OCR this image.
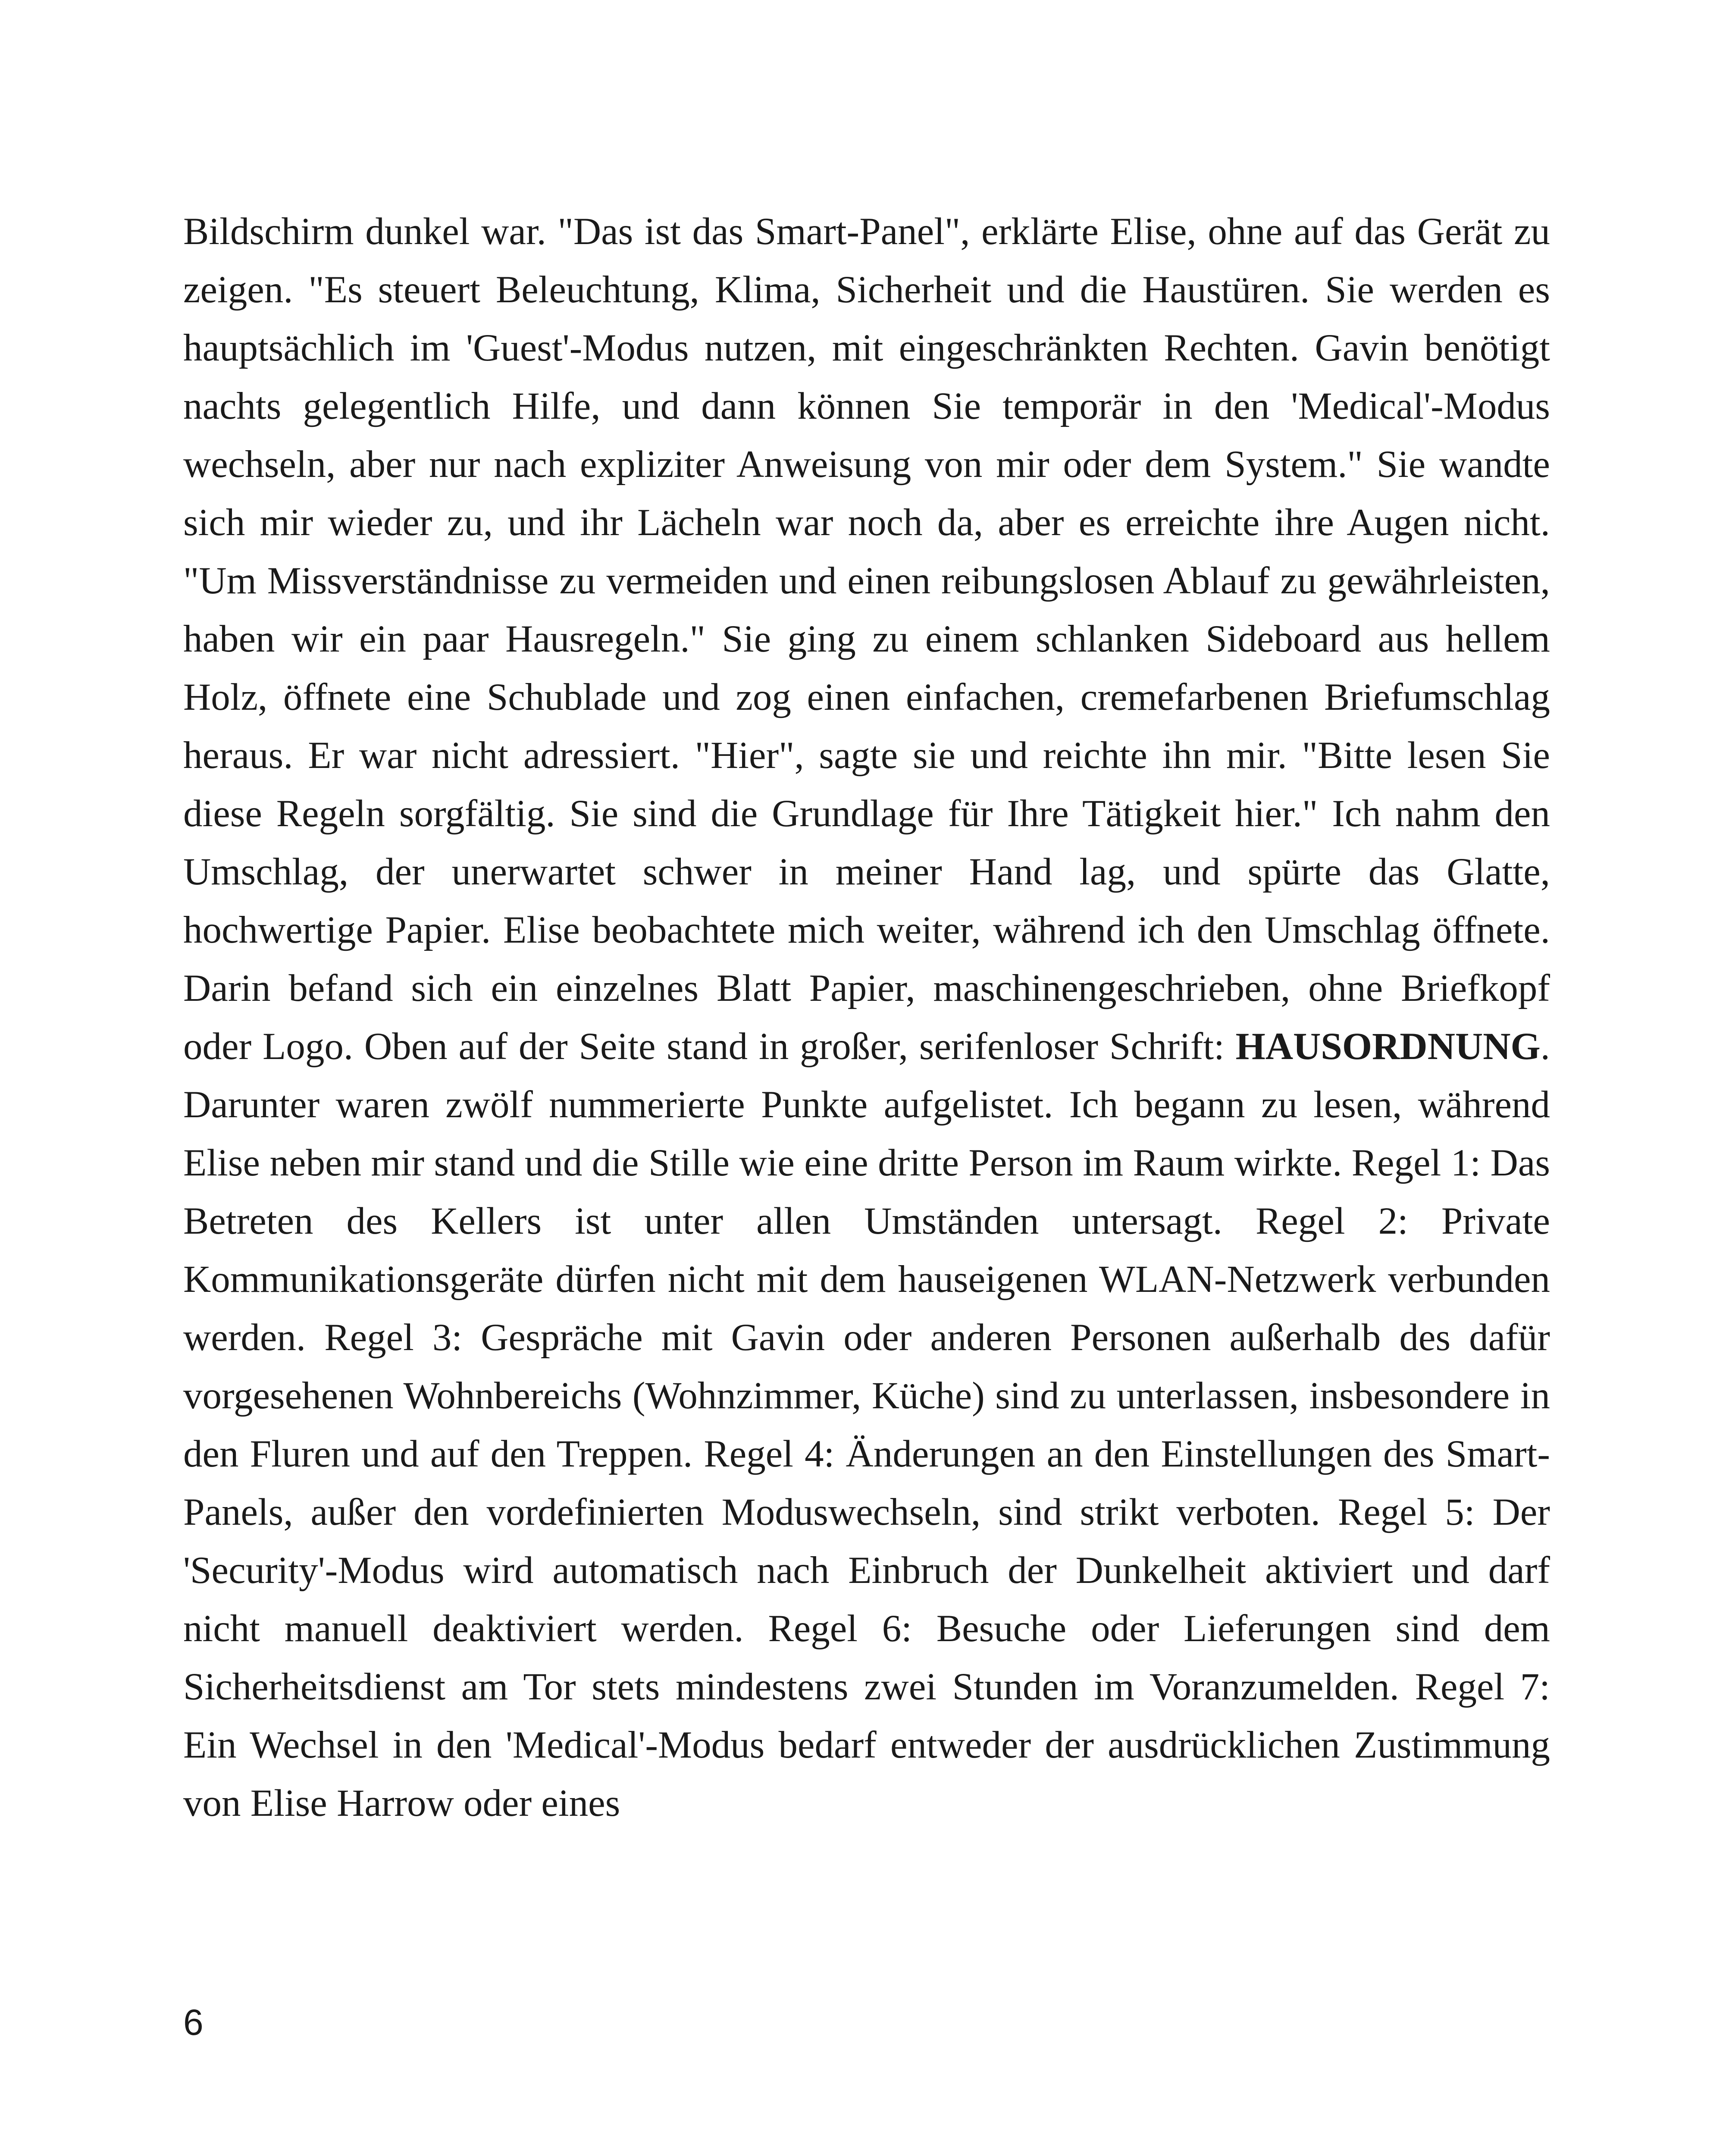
Bildschirm dunkel war. "Das ist das Smart-Panel", erklärte Elise, ohne auf das Gerät zu zeigen. "Es steuert Beleuchtung, Klima, Sicherheit und die Haustüren. Sie werden es hauptsächlich im 'Guest'-Modus nutzen, mit eingeschränkten Rechten. Gavin benötigt nachts gelegentlich Hilfe, und dann können Sie temporär in den 'Medical'-Modus wechseln, aber nur nach expliziter Anweisung von mir oder dem System." Sie wandte sich mir wieder zu, und ihr Lächeln war noch da, aber es erreichte ihre Augen nicht. "Um Missverständnisse zu vermeiden und einen reibungslosen Ablauf zu gewährleisten, haben wir ein paar Hausregeln." Sie ging zu einem schlanken Sideboard aus hellem Holz, öffnete eine Schublade und zog einen einfachen, cremefarbenen Briefumschlag heraus. Er war nicht adressiert. "Hier", sagte sie und reichte ihn mir. "Bitte lesen Sie diese Regeln sorgfältig. Sie sind die Grundlage für Ihre Tätigkeit hier." Ich nahm den Umschlag, der unerwartet schwer in meiner Hand lag, und spürte das Glatte, hochwertige Papier. Elise beobachtete mich weiter, während ich den Umschlag öffnete. Darin befand sich ein einzelnes Blatt Papier, maschinengeschrieben, ohne Briefkopf oder Logo. Oben auf der Seite stand in großer, serifenloser Schrift: HAUSORDNUNG. Darunter waren zwölf nummerierte Punkte aufgelistet. Ich begann zu lesen, während Elise neben mir stand und die Stille wie eine dritte Person im Raum wirkte. Regel 1: Das Betreten des Kellers ist unter allen Umständen untersagt. Regel 2: Private Kommunikationsgeräte dürfen nicht mit dem hauseigenen WLAN-Netzwerk verbunden werden. Regel 3: Gespräche mit Gavin oder anderen Personen außerhalb des dafür vorgesehenen Wohnbereichs (Wohnzimmer, Küche) sind zu unterlassen, insbesondere in den Fluren und auf den Treppen. Regel 4: Änderungen an den Einstellungen des Smart-Panels, außer den vordefinierten Moduswechseln, sind strikt verboten. Regel 5: Der 'Security'-Modus wird automatisch nach Einbruch der Dunkelheit aktiviert und darf nicht manuell deaktiviert werden. Regel 6: Besuche oder Lieferungen sind dem Sicherheitsdienst am Tor stets mindestens zwei Stunden im Voranzumelden. Regel 7: Ein Wechsel in den 'Medical'-Modus bedarf entweder der ausdrücklichen Zustimmung von Elise Harrow oder eines

6
